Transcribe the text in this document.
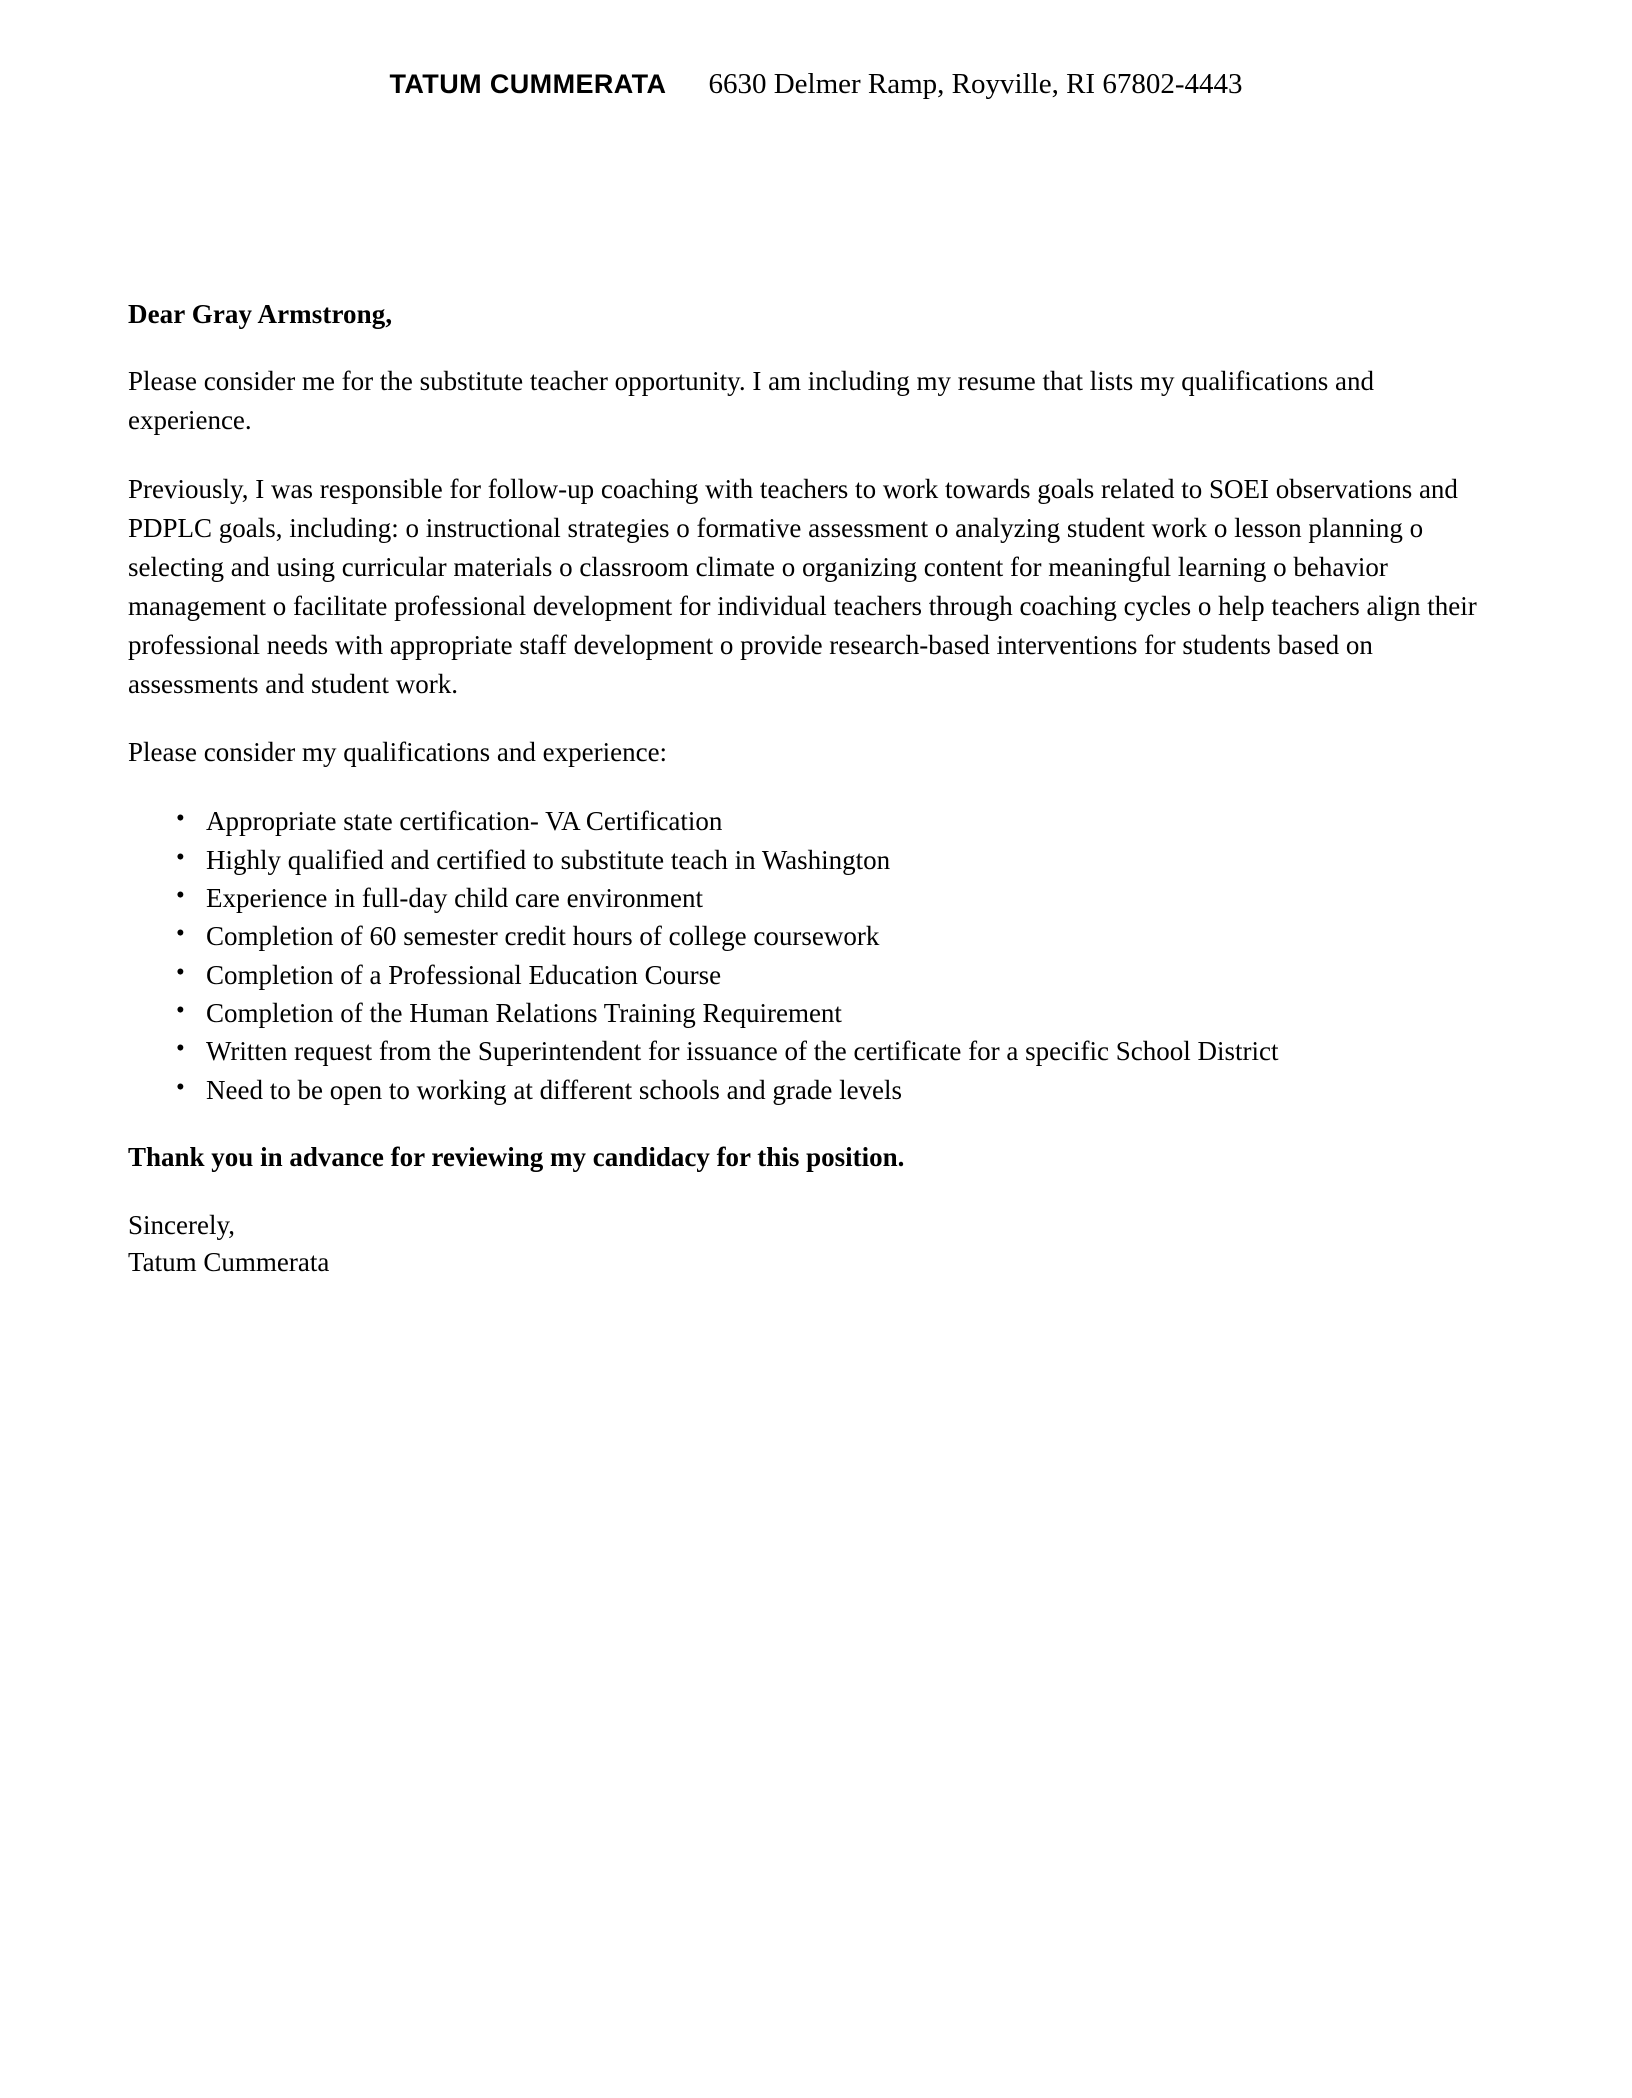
TATUM CUMMERATA 6630 Delmer Ramp, Royville, RI 67802-4443
Dear Gray Armstrong,

Please consider me for the substitute teacher opportunity. I am including my resume that lists my qualifications and experience.

Previously, I was responsible for follow-up coaching with teachers to work towards goals related to SOEI observations and PDPLC goals, including: o instructional strategies o formative assessment o analyzing student work o lesson planning o selecting and using curricular materials o classroom climate o organizing content for meaningful learning o behavior management o facilitate professional development for individual teachers through coaching cycles o help teachers align their professional needs with appropriate staff development o provide research-based interventions for students based on assessments and student work.

Please consider my qualifications and experience:

• Appropriate state certification- VA Certification
• Highly qualified and certified to substitute teach in Washington
• Experience in full-day child care environment
• Completion of 60 semester credit hours of college coursework
• Completion of a Professional Education Course
• Completion of the Human Relations Training Requirement
• Written request from the Superintendent for issuance of the certificate for a specific School District
• Need to be open to working at different schools and grade levels
Thank you in advance for reviewing my candidacy for this position.
Sincerely,
Tatum Cummerata
